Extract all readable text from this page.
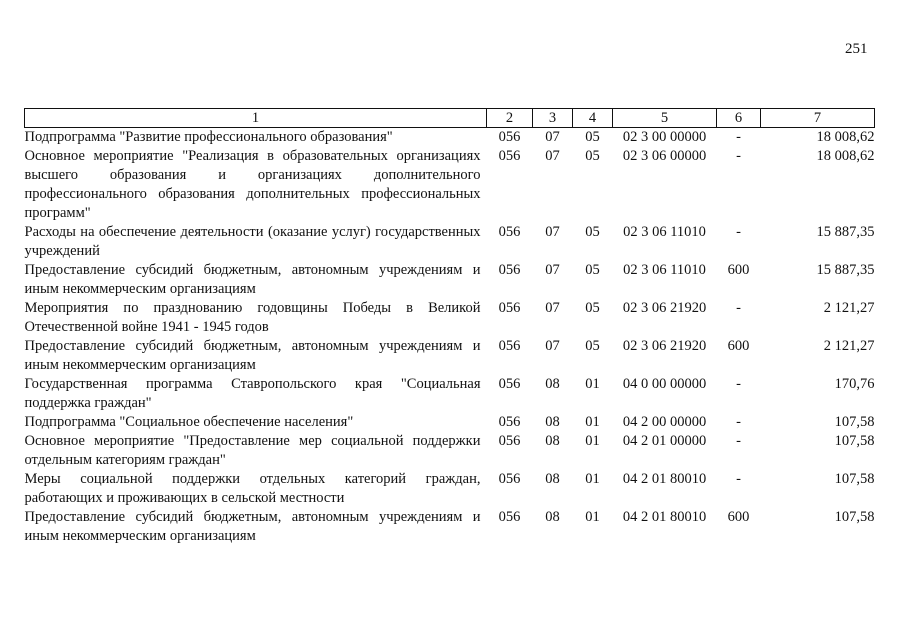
251
1	2	3	4	5	6	7
Подпрограмма "Развитие профессионального образования"	056	07	05	02 3 00 00000	-	18 008,62
Основное мероприятие "Реализация в образовательных организациях высшего образования и организациях дополнительного профессионального образования дополнительных профессиональных программ"	056	07	05	02 3 06 00000	-	18 008,62
Расходы на обеспечение деятельности (оказание услуг) государственных учреждений	056	07	05	02 3 06 11010	-	15 887,35
Предоставление субсидий бюджетным, автономным учреждениям и иным некоммерческим организациям	056	07	05	02 3 06 11010	600	15 887,35
Мероприятия по празднованию годовщины Победы в Великой Отечественной войне 1941 - 1945 годов	056	07	05	02 3 06 21920	-	2 121,27
Предоставление субсидий бюджетным, автономным учреждениям и иным некоммерческим организациям	056	07	05	02 3 06 21920	600	2 121,27
Государственная программа Ставропольского края "Социальная поддержка граждан"	056	08	01	04 0 00 00000	-	170,76
Подпрограмма "Социальное обеспечение населения"	056	08	01	04 2 00 00000	-	107,58
Основное мероприятие "Предоставление мер социальной поддержки отдельным категориям граждан"	056	08	01	04 2 01 00000	-	107,58
Меры социальной поддержки отдельных категорий граждан, работающих и проживающих в сельской местности	056	08	01	04 2 01 80010	-	107,58
Предоставление субсидий бюджетным, автономным учреждениям и иным некоммерческим организациям	056	08	01	04 2 01 80010	600	107,58
